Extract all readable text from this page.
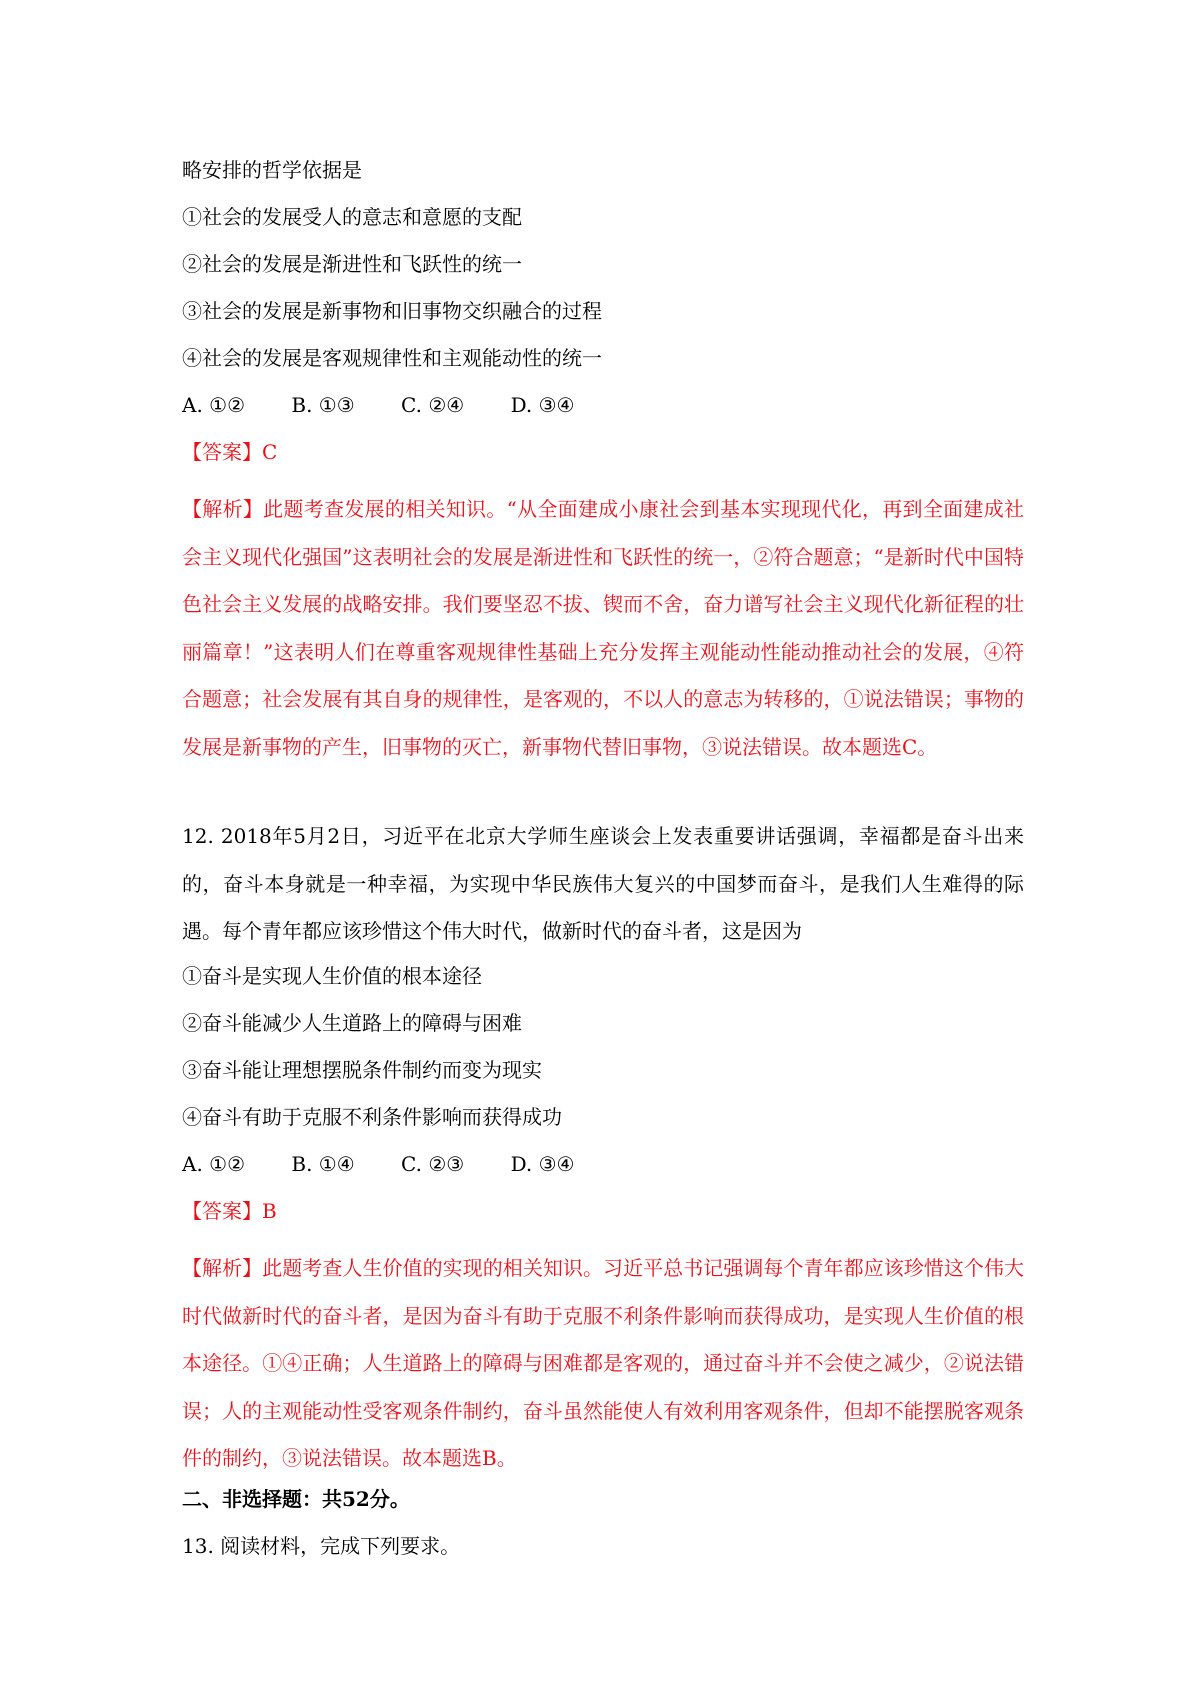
略安排的哲学依据是
①社会的发展受人的意志和意愿的支配
②社会的发展是渐进性和飞跃性的统一
③社会的发展是新事物和旧事物交织融合的过程
④社会的发展是客观规律性和主观能动性的统一
A. ①② B. ①③ C. ②④ D. ③④
【答案】C
【解析】此题考查发展的相关知识。“从全面建成小康社会到基本实现现代化，再到全面建成社会主义现代化强国”这表明社会的发展是渐进性和飞跃性的统一，②符合题意；“是新时代中国特色社会主义发展的战略安排。我们要坚忍不拔、锲而不舍，奋力谱写社会主义现代化新征程的壮丽篇章！”这表明人们在尊重客观规律性基础上充分发挥主观能动性能动推动社会的发展，④符合题意；社会发展有其自身的规律性，是客观的，不以人的意志为转移的，①说法错误；事物的发展是新事物的产生，旧事物的灭亡，新事物代替旧事物，③说法错误。故本题选C。
12. 2018年5月2日，习近平在北京大学师生座谈会上发表重要讲话强调，幸福都是奋斗出来的，奋斗本身就是一种幸福，为实现中华民族伟大复兴的中国梦而奋斗，是我们人生难得的际遇。每个青年都应该珍惜这个伟大时代，做新时代的奋斗者，这是因为
①奋斗是实现人生价值的根本途径
②奋斗能减少人生道路上的障碍与困难
③奋斗能让理想摆脱条件制约而变为现实
④奋斗有助于克服不利条件影响而获得成功
A. ①② B. ①④ C. ②③ D. ③④
【答案】B
【解析】此题考查人生价值的实现的相关知识。习近平总书记强调每个青年都应该珍惜这个伟大时代做新时代的奋斗者，是因为奋斗有助于克服不利条件影响而获得成功，是实现人生价值的根本途径。①④正确；人生道路上的障碍与困难都是客观的，通过奋斗并不会使之减少，②说法错误；人的主观能动性受客观条件制约，奋斗虽然能使人有效利用客观条件，但却不能摆脱客观条件的制约，③说法错误。故本题选B。
二、非选择题：共52分。
13. 阅读材料，完成下列要求。
